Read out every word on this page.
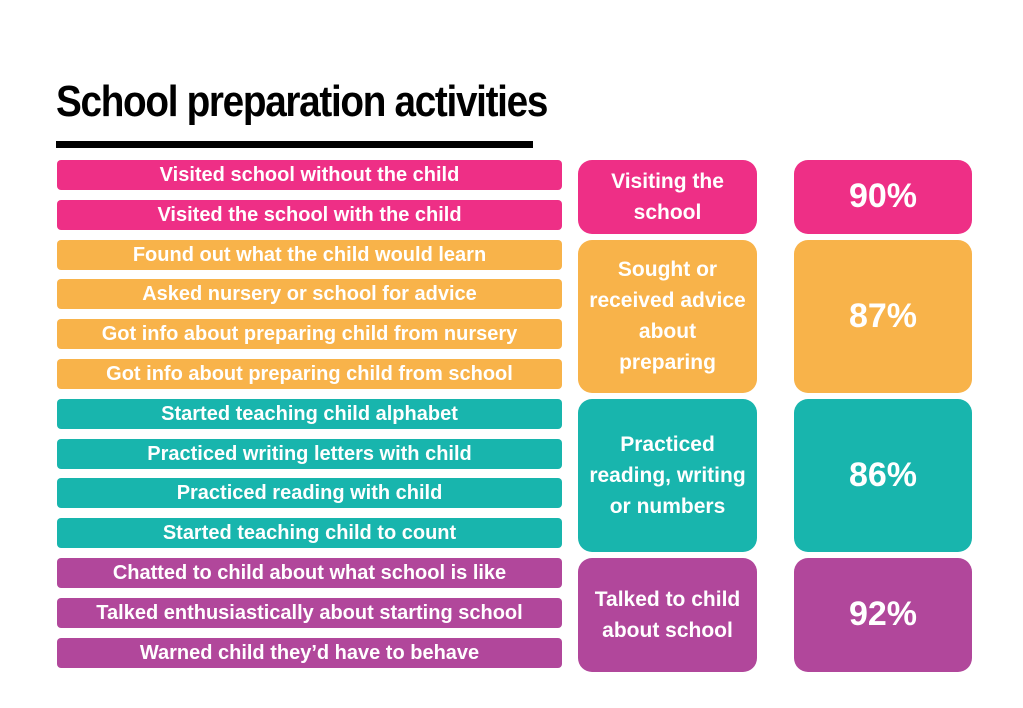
School preparation activities
Visited school without the child
Visited the school with the child
Found out what the child would learn
Asked nursery or school for advice
Got info about preparing child from nursery
Got info about preparing child from school
Started teaching child alphabet
Practiced writing letters with child
Practiced reading with child
Started teaching child to count
Chatted to child about what school is like
Talked enthusiastically about starting school
Warned child they’d have to behave
Visiting the school	90%
Sought or received advice about preparing
87%
Practiced reading, writing or numbers
86%
Talked to child about school	92%
